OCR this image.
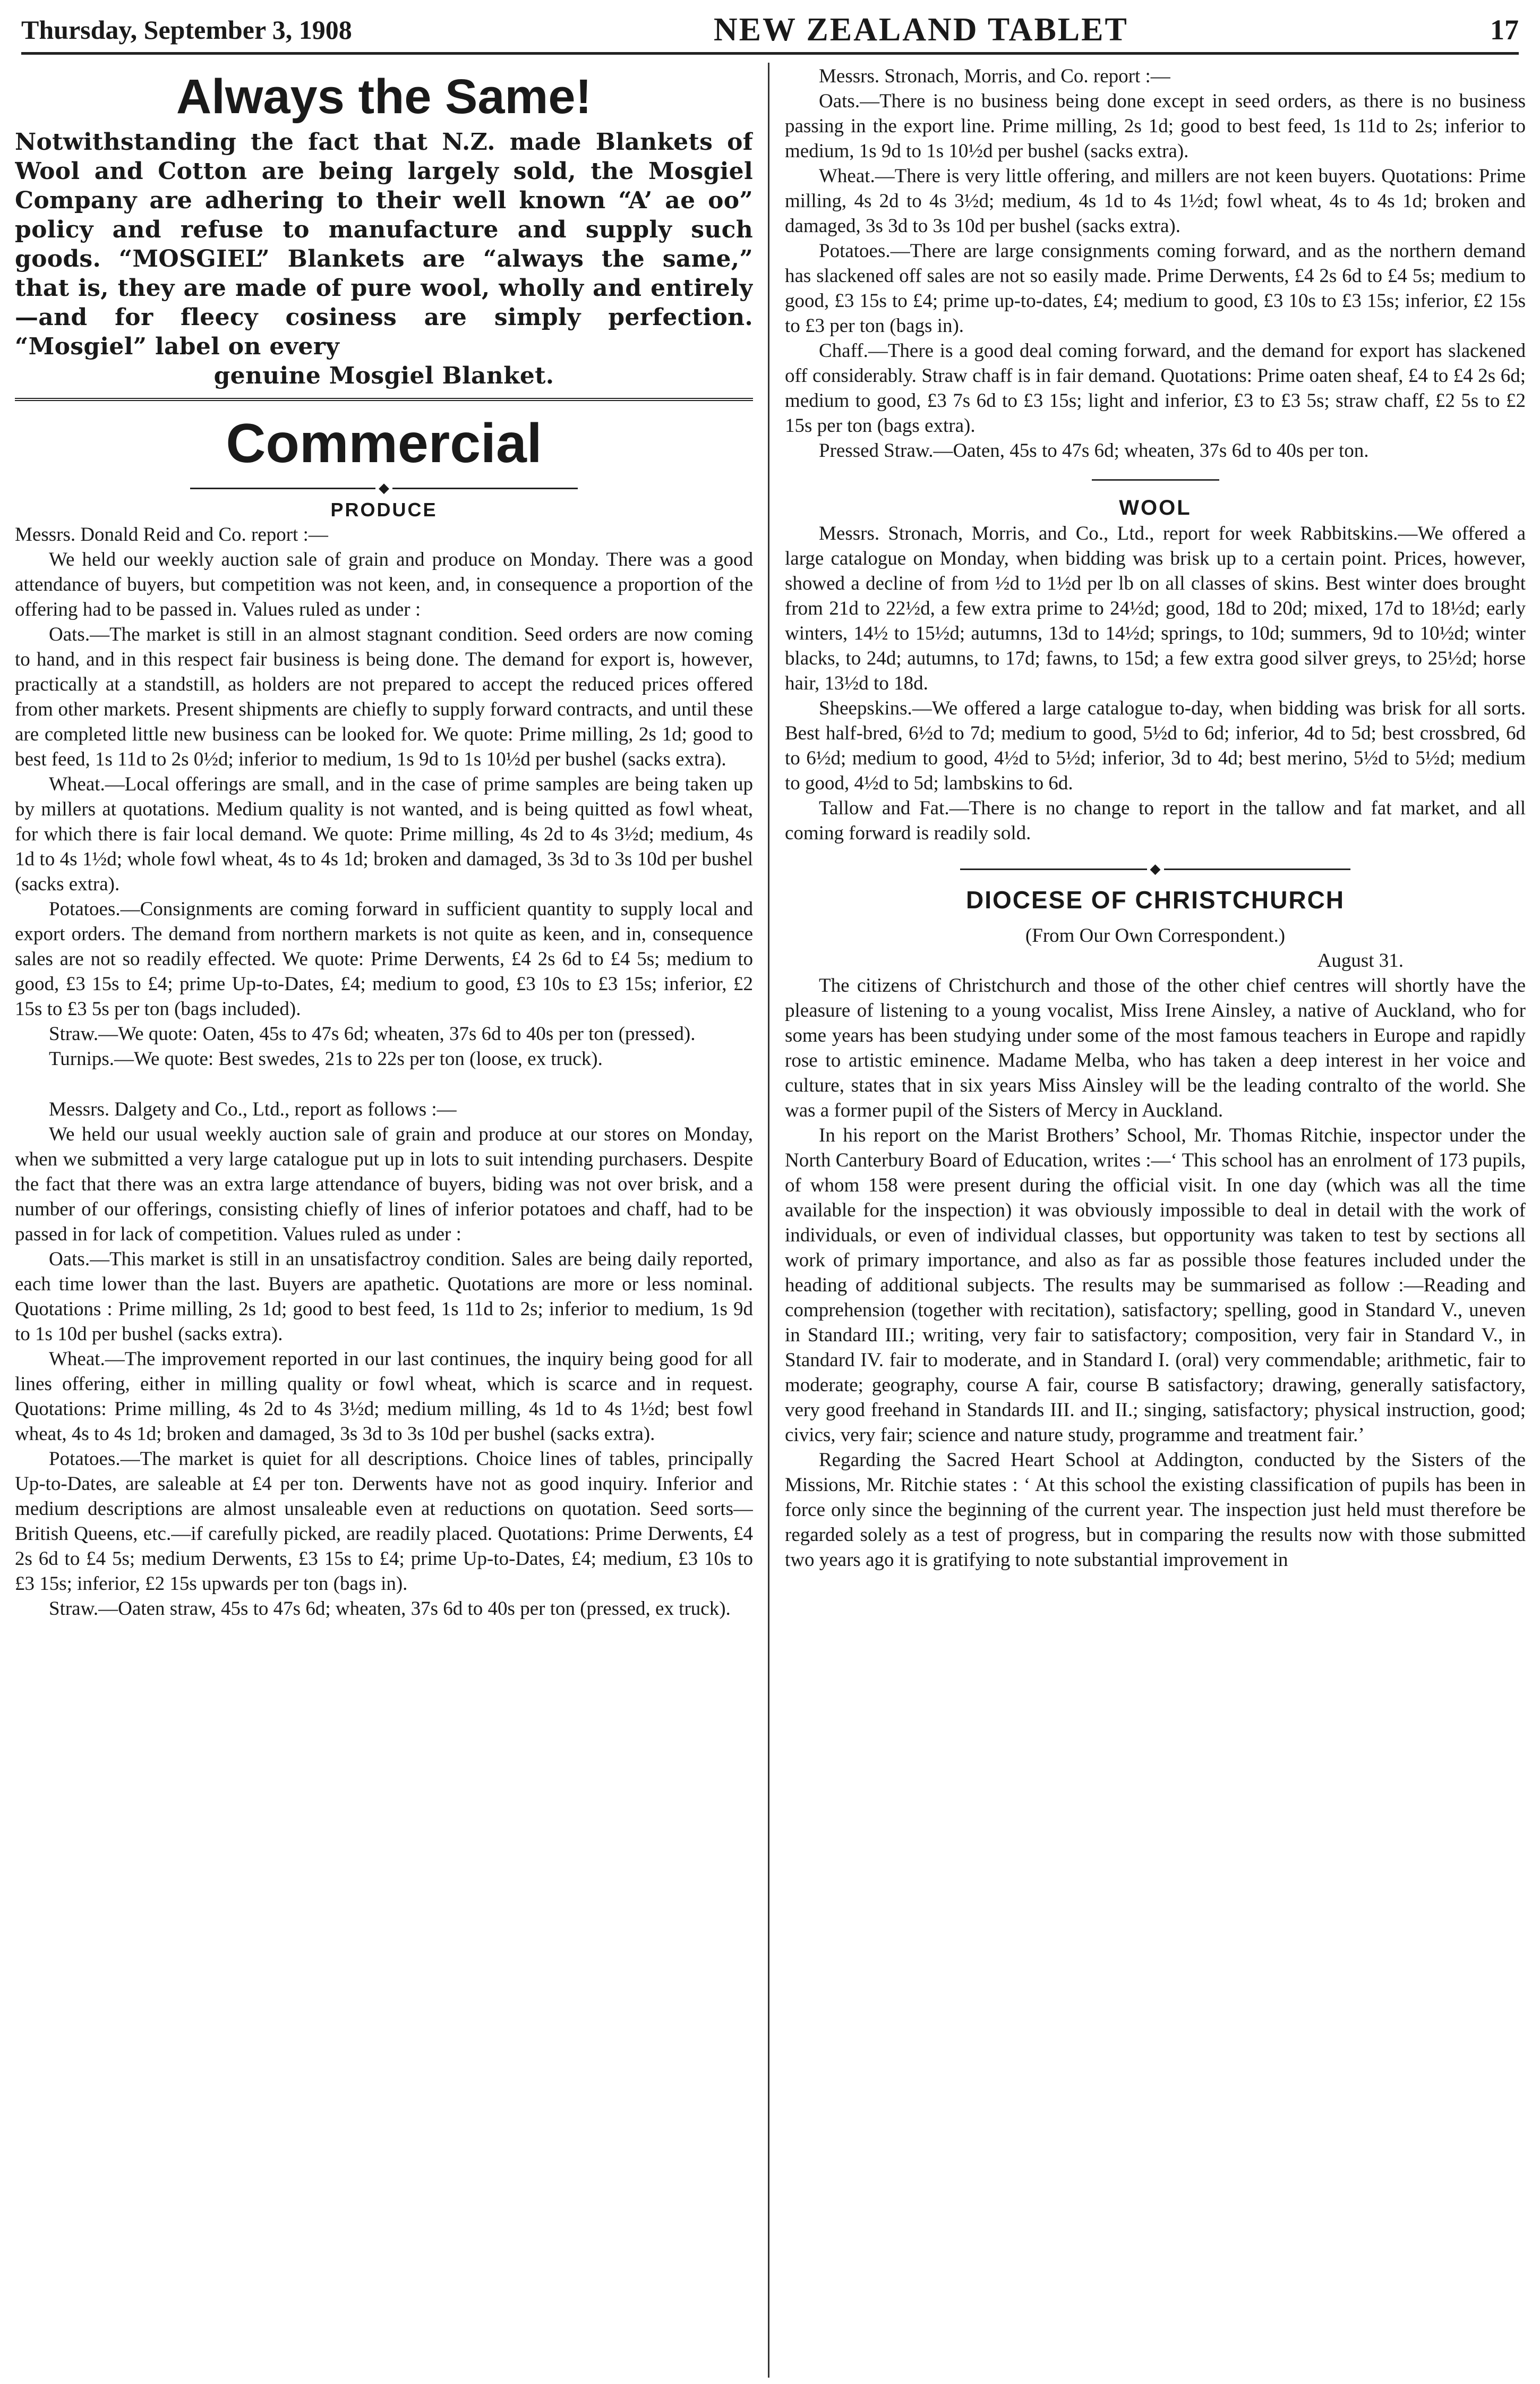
Thursday, September 3, 1908	NEW ZEALAND TABLET	17
Always the Same!
Notwithstanding the fact that N.Z. made Blankets of Wool and Cotton are being largely sold, the Mosgiel Company are adhering to their well known “A’ ae oo” policy and refuse to manufacture and supply such goods. “MOSGIEL” Blankets are “always the same,” that is, they are made of pure wool, wholly and entirely—and for fleecy cosiness are simply perfection. “Mosgiel” label on every
genuine Mosgiel Blanket.
Commercial
◆
PRODUCE

Messrs. Donald Reid and Co. report :—

We held our weekly auction sale of grain and produce on Monday. There was a good attendance of buyers, but competition was not keen, and, in consequence a proportion of the offering had to be passed in. Values ruled as under :

Oats.—The market is still in an almost stagnant condition. Seed orders are now coming to hand, and in this respect fair business is being done. The demand for export is, however, practically at a standstill, as holders are not prepared to accept the reduced prices offered from other markets. Present shipments are chiefly to supply forward contracts, and until these are completed little new business can be looked for. We quote: Prime milling, 2s 1d; good to best feed, 1s 11d to 2s 0½d; inferior to medium, 1s 9d to 1s 10½d per bushel (sacks extra).

Wheat.—Local offerings are small, and in the case of prime samples are being taken up by millers at quotations. Medium quality is not wanted, and is being quitted as fowl wheat, for which there is fair local demand. We quote: Prime milling, 4s 2d to 4s 3½d; medium, 4s 1d to 4s 1½d; whole fowl wheat, 4s to 4s 1d; broken and damaged, 3s 3d to 3s 10d per bushel (sacks extra).

Potatoes.—Consignments are coming forward in sufficient quantity to supply local and export orders. The demand from northern markets is not quite as keen, and in, consequence sales are not so readily effected. We quote: Prime Derwents, £4 2s 6d to £4 5s; medium to good, £3 15s to £4; prime Up-to-Dates, £4; medium to good, £3 10s to £3 15s; inferior, £2 15s to £3 5s per ton (bags included).

Straw.—We quote: Oaten, 45s to 47s 6d; wheaten, 37s 6d to 40s per ton (pressed).

Turnips.—We quote: Best swedes, 21s to 22s per ton (loose, ex truck).

Messrs. Dalgety and Co., Ltd., report as follows :—

We held our usual weekly auction sale of grain and produce at our stores on Monday, when we submitted a very large catalogue put up in lots to suit intending purchasers. Despite the fact that there was an extra large attendance of buyers, biding was not over brisk, and a number of our offerings, consisting chiefly of lines of inferior potatoes and chaff, had to be passed in for lack of competition. Values ruled as under :

Oats.—This market is still in an unsatisfactroy condition. Sales are being daily reported, each time lower than the last. Buyers are apathetic. Quotations are more or less nominal. Quotations : Prime milling, 2s 1d; good to best feed, 1s 11d to 2s; inferior to medium, 1s 9d to 1s 10d per bushel (sacks extra).

Wheat.—The improvement reported in our last continues, the inquiry being good for all lines offering, either in milling quality or fowl wheat, which is scarce and in request. Quotations: Prime milling, 4s 2d to 4s 3½d; medium milling, 4s 1d to 4s 1½d; best fowl wheat, 4s to 4s 1d; broken and damaged, 3s 3d to 3s 10d per bushel (sacks extra).

Potatoes.—The market is quiet for all descriptions. Choice lines of tables, principally Up-to-Dates, are saleable at £4 per ton. Derwents have not as good inquiry. Inferior and medium descriptions are almost unsaleable even at reductions on quotation. Seed sorts—British Queens, etc.—if carefully picked, are readily placed. Quotations: Prime Derwents, £4 2s 6d to £4 5s; medium Derwents, £3 15s to £4; prime Up-to-Dates, £4; medium, £3 10s to £3 15s; inferior, £2 15s upwards per ton (bags in).

Straw.—Oaten straw, 45s to 47s 6d; wheaten, 37s 6d to 40s per ton (pressed, ex truck).

Messrs. Stronach, Morris, and Co. report :—

Oats.—There is no business being done except in seed orders, as there is no business passing in the export line. Prime milling, 2s 1d; good to best feed, 1s 11d to 2s; inferior to medium, 1s 9d to 1s 10½d per bushel (sacks extra).

Wheat.—There is very little offering, and millers are not keen buyers. Quotations: Prime milling, 4s 2d to 4s 3½d; medium, 4s 1d to 4s 1½d; fowl wheat, 4s to 4s 1d; broken and damaged, 3s 3d to 3s 10d per bushel (sacks extra).

Potatoes.—There are large consignments coming forward, and as the northern demand has slackened off sales are not so easily made. Prime Derwents, £4 2s 6d to £4 5s; medium to good, £3 15s to £4; prime up-to-dates, £4; medium to good, £3 10s to £3 15s; inferior, £2 15s to £3 per ton (bags in).

Chaff.—There is a good deal coming forward, and the demand for export has slackened off considerably. Straw chaff is in fair demand. Quotations: Prime oaten sheaf, £4 to £4 2s 6d; medium to good, £3 7s 6d to £3 15s; light and inferior, £3 to £3 5s; straw chaff, £2 5s to £2 15s per ton (bags extra).

Pressed Straw.—Oaten, 45s to 47s 6d; wheaten, 37s 6d to 40s per ton.

WOOL

Messrs. Stronach, Morris, and Co., Ltd., report for week Rabbitskins.—We offered a large catalogue on Monday, when bidding was brisk up to a certain point. Prices, however, showed a decline of from ½d to 1½d per lb on all classes of skins. Best winter does brought from 21d to 22½d, a few extra prime to 24½d; good, 18d to 20d; mixed, 17d to 18½d; early winters, 14½ to 15½d; autumns, 13d to 14½d; springs, to 10d; summers, 9d to 10½d; winter blacks, to 24d; autumns, to 17d; fawns, to 15d; a few extra good silver greys, to 25½d; horse hair, 13½d to 18d.

Sheepskins.—We offered a large catalogue to-day, when bidding was brisk for all sorts. Best half-bred, 6½d to 7d; medium to good, 5½d to 6d; inferior, 4d to 5d; best crossbred, 6d to 6½d; medium to good, 4½d to 5½d; inferior, 3d to 4d; best merino, 5½d to 5½d; medium to good, 4½d to 5d; lambskins to 6d.

Tallow and Fat.—There is no change to report in the tallow and fat market, and all coming forward is readily sold.

◆
DIOCESE OF CHRISTCHURCH

(From Our Own Correspondent.)

August 31.

The citizens of Christchurch and those of the other chief centres will shortly have the pleasure of listening to a young vocalist, Miss Irene Ainsley, a native of Auckland, who for some years has been studying under some of the most famous teachers in Europe and rapidly rose to artistic eminence. Madame Melba, who has taken a deep interest in her voice and culture, states that in six years Miss Ainsley will be the leading contralto of the world. She was a former pupil of the Sisters of Mercy in Auckland.

In his report on the Marist Brothers’ School, Mr. Thomas Ritchie, inspector under the North Canterbury Board of Education, writes :—‘ This school has an enrolment of 173 pupils, of whom 158 were present during the official visit. In one day (which was all the time available for the inspection) it was obviously impossible to deal in detail with the work of individuals, or even of individual classes, but opportunity was taken to test by sections all work of primary importance, and also as far as possible those features included under the heading of additional subjects. The results may be summarised as follow :—Reading and comprehension (together with recitation), satisfactory; spelling, good in Standard V., uneven in Standard III.; writing, very fair to satisfactory; composition, very fair in Standard V., in Standard IV. fair to moderate, and in Standard I. (oral) very commendable; arithmetic, fair to moderate; geography, course A fair, course B satisfactory; drawing, generally satisfactory, very good freehand in Standards III. and II.; singing, satisfactory; physical instruction, good; civics, very fair; science and nature study, programme and treatment fair.’

Regarding the Sacred Heart School at Addington, conducted by the Sisters of the Missions, Mr. Ritchie states : ‘ At this school the existing classification of pupils has been in force only since the beginning of the current year. The inspection just held must therefore be regarded solely as a test of progress, but in comparing the results now with those submitted two years ago it is gratifying to note substantial improvement in
